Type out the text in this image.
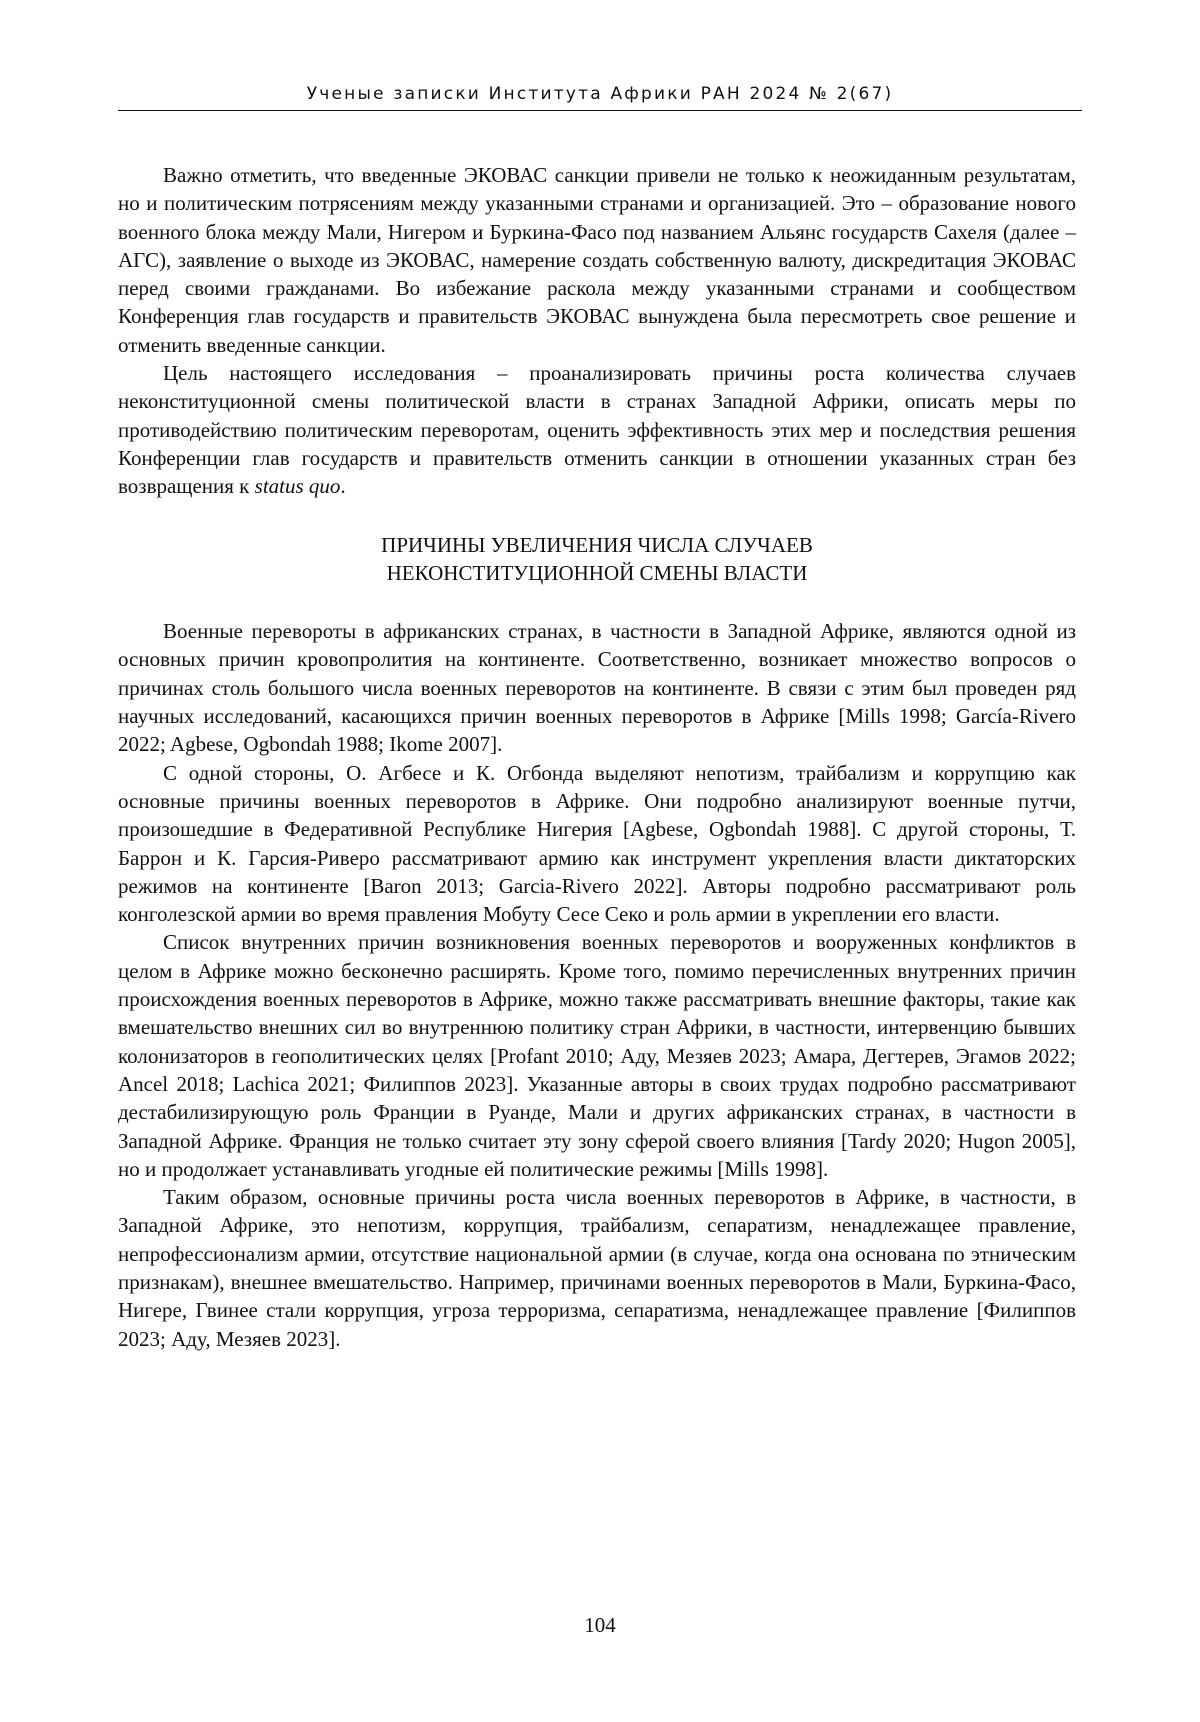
Ученые записки Института Африки РАН 2024 № 2(67)

Важно отметить, что введенные ЭКОВАС санкции привели не только к неожиданным результатам, но и политическим потрясениям между указанными странами и организацией. Это – образование нового военного блока между Мали, Нигером и Буркина-Фасо под названием Альянс государств Сахеля (далее – АГС), заявление о выходе из ЭКОВАС, намерение создать собственную валюту, дискредитация ЭКОВАС перед своими гражданами. Во избежание раскола между указанными странами и сообществом Конференция глав государств и правительств ЭКОВАС вынуждена была пересмотреть свое решение и отменить введенные санкции.

Цель настоящего исследования – проанализировать причины роста количества случаев неконституционной смены политической власти в странах Западной Африки, описать меры по противодействию политическим переворотам, оценить эффективность этих мер и последствия решения Конференции глав государств и правительств отменить санкции в отношении указанных стран без возвращения к status quo.

ПРИЧИНЫ УВЕЛИЧЕНИЯ ЧИСЛА СЛУЧАЕВ
НЕКОНСТИТУЦИОННОЙ СМЕНЫ ВЛАСТИ

Военные перевороты в африканских странах, в частности в Западной Африке, являются одной из основных причин кровопролития на континенте. Соответственно, возникает множество вопросов о причинах столь большого числа военных переворотов на континенте. В связи с этим был проведен ряд научных исследований, касающихся причин военных переворотов в Африке [Mills 1998; García-Rivero 2022; Agbese, Ogbondah 1988; Ikome 2007].

С одной стороны, О. Агбесе и К. Огбонда выделяют непотизм, трайбализм и коррупцию как основные причины военных переворотов в Африке. Они подробно анализируют военные путчи, произошедшие в Федеративной Республике Нигерия [Agbese, Ogbondah 1988]. С другой стороны, Т. Баррон и К. Гарсия-Риверо рассматривают армию как инструмент укрепления власти диктаторских режимов на континенте [Baron 2013; Garcia-Rivero 2022]. Авторы подробно рассматривают роль конголезской армии во время правления Мобуту Сесе Секо и роль армии в укреплении его власти.

Список внутренних причин возникновения военных переворотов и вооруженных конфликтов в целом в Африке можно бесконечно расширять. Кроме того, помимо перечисленных внутренних причин происхождения военных переворотов в Африке, можно также рассматривать внешние факторы, такие как вмешательство внешних сил во внутреннюю политику стран Африки, в частности, интервенцию бывших колонизаторов в геополитических целях [Profant 2010; Аду, Мезяев 2023; Амара, Дегтерев, Эгамов 2022; Ancel 2018; Lachica 2021; Филиппов 2023]. Указанные авторы в своих трудах подробно рассматривают дестабилизирующую роль Франции в Руанде, Мали и других африканских странах, в частности в Западной Африке. Франция не только считает эту зону сферой своего влияния [Tardy 2020; Hugon 2005], но и продолжает устанавливать угодные ей политические режимы [Mills 1998].

Таким образом, основные причины роста числа военных переворотов в Африке, в частности, в Западной Африке, это непотизм, коррупция, трайбализм, сепаратизм, ненадлежащее правление, непрофессионализм армии, отсутствие национальной армии (в случае, когда она основана по этническим признакам), внешнее вмешательство. Например, причинами военных переворотов в Мали, Буркина-Фасо, Нигере, Гвинее стали коррупция, угроза терроризма, сепаратизма, ненадлежащее правление [Филиппов 2023; Аду, Мезяев 2023].

104
